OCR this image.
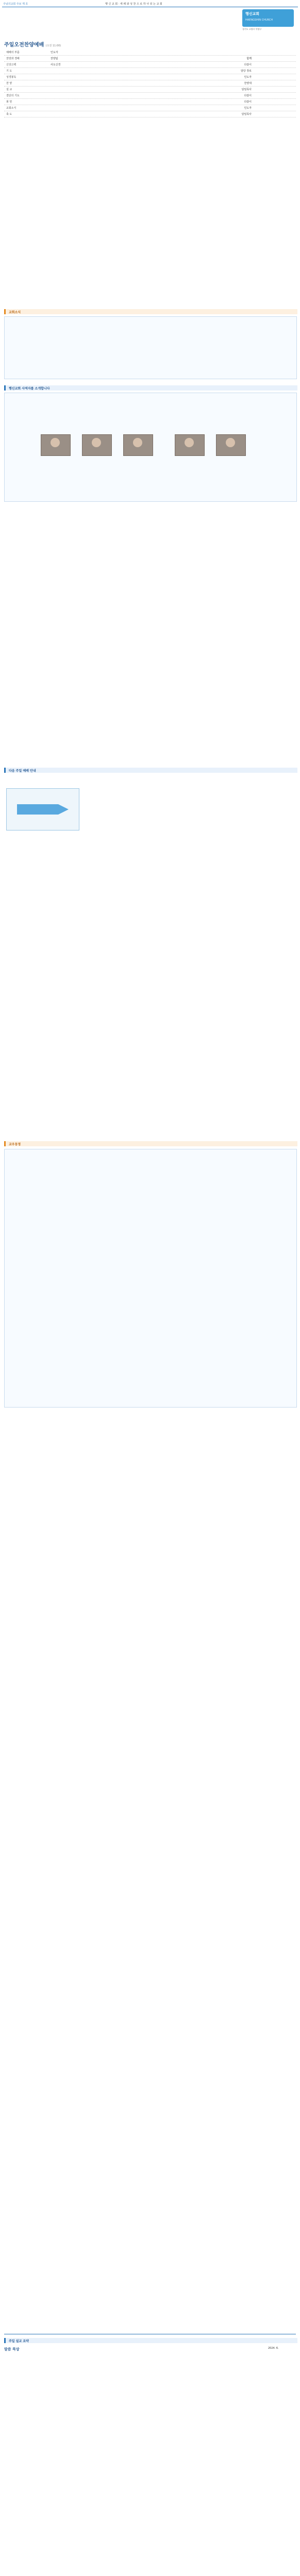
주님의교회 주보 제 호	행 신 교 회 · 세 례 와 성 찬 으 로 하 나 되 는 교 회
행신교회
HAENGSHIN CHURCH
경기도 고양시 덕양구
주일오전찬양예배 (오전 11:00)
예배의 부름	인도자
찬양과 경배	찬양팀	함께
신앙고백	사도신경	다같이
기 도	담당 장로
성경봉독	인도자
찬 양	찬양대
설 교	담임목사
결단의 기도	다같이
봉 헌	다같이
교회소식	인도자
축 도	담임목사
교회소식
행신교회 사역자를 소개합니다
다음 주일 예배 안내
교우동정
주일 설교 요약
말씀 묵상	2024. 6.
